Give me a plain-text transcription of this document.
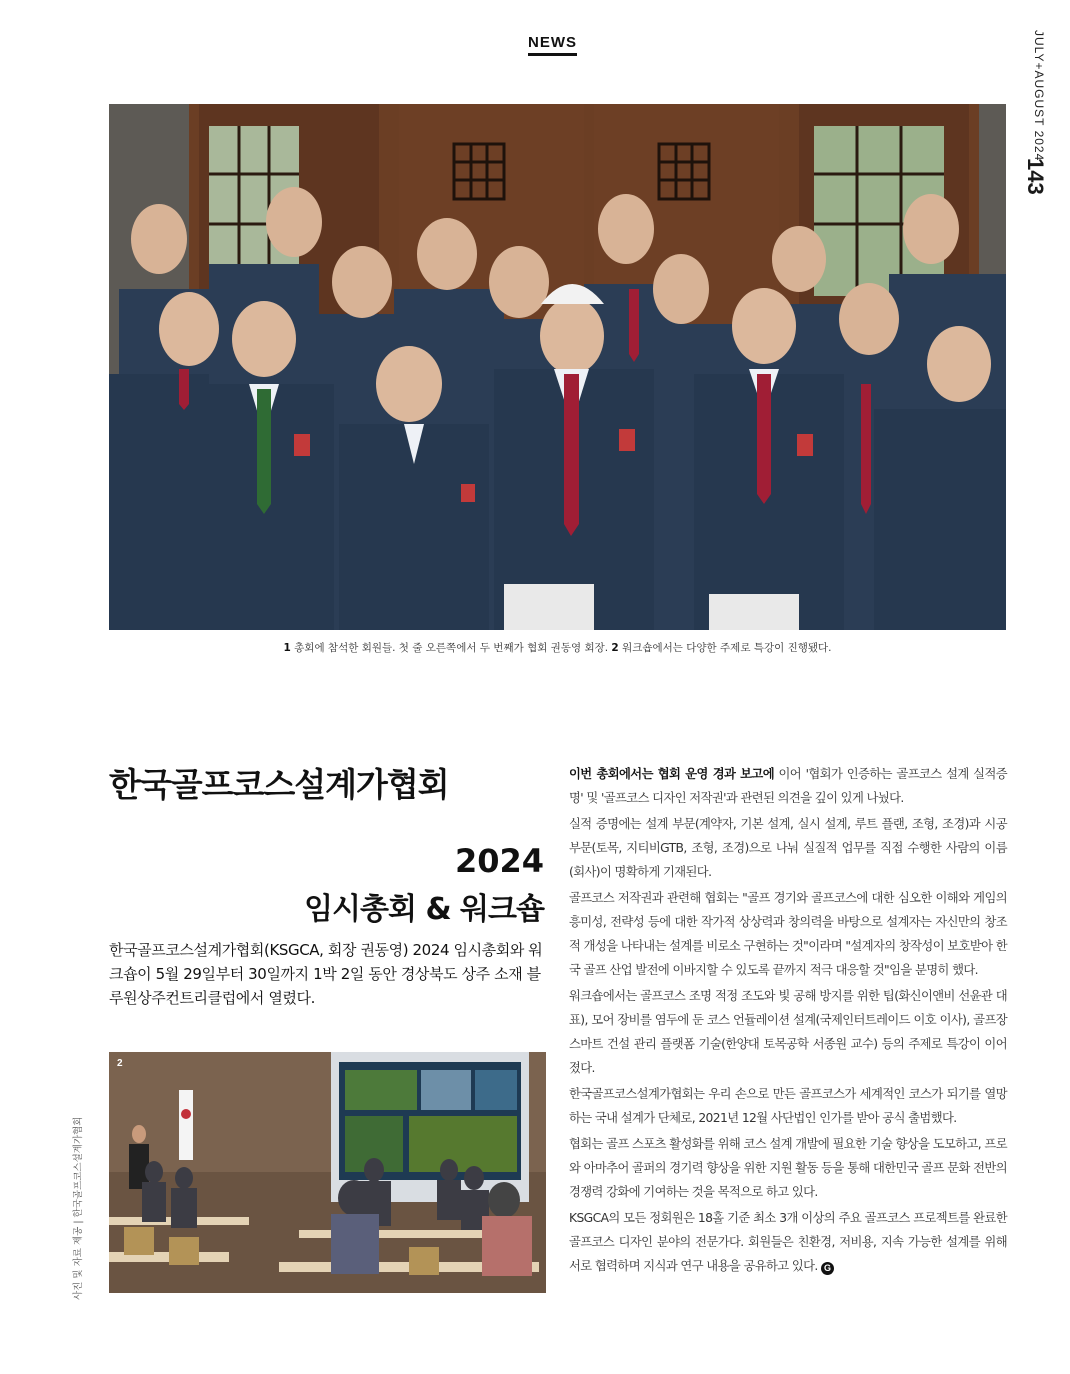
NEWS	JULY+AUGUST 2024
143
1 총회에 참석한 회원들. 첫 줄 오른쪽에서 두 번째가 협회 권동영 회장. 2 워크숍에서는 다양한 주제로 특강이 진행됐다.
한국골프코스설계가협회
2024
임시총회 & 워크숍
한국골프코스설계가협회(KSGCA, 회장 권동영) 2024 임시총회와 워크숍이 5월 29일부터 30일까지 1박 2일 동안 경상북도 상주 소재 블루원상주컨트리클럽에서 열렸다.
2
사진 및 자료 제공 | 한국골프코스설계가협회

이번 총회에서는 협회 운영 경과 보고에 이어 '협회가 인증하는 골프코스 설계 실적증명' 및 '골프코스 디자인 저작권'과 관련된 의견을 깊이 있게 나눴다.

실적 증명에는 설계 부문(계약자, 기본 설계, 실시 설계, 루트 플랜, 조형, 조경)과 시공 부문(토목, 지티비GTB, 조형, 조경)으로 나눠 실질적 업무를 직접 수행한 사람의 이름(회사)이 명확하게 기재된다.

골프코스 저작권과 관련해 협회는 "골프 경기와 골프코스에 대한 심오한 이해와 게임의 흥미성, 전략성 등에 대한 작가적 상상력과 창의력을 바탕으로 설계자는 자신만의 창조적 개성을 나타내는 설계를 비로소 구현하는 것"이라며 "설계자의 창작성이 보호받아 한국 골프 산업 발전에 이바지할 수 있도록 끝까지 적극 대응할 것"임을 분명히 했다.

워크숍에서는 골프코스 조명 적정 조도와 빛 공해 방지를 위한 팁(화신이앤비 선윤관 대표), 모어 장비를 염두에 둔 코스 언듈레이션 설계(국제인터트레이드 이호 이사), 골프장 스마트 건설 관리 플랫폼 기술(한양대 토목공학 서종원 교수) 등의 주제로 특강이 이어졌다.

한국골프코스설계가협회는 우리 손으로 만든 골프코스가 세계적인 코스가 되기를 열망하는 국내 설계가 단체로, 2021년 12월 사단법인 인가를 받아 공식 출범했다.

협회는 골프 스포츠 활성화를 위해 코스 설계 개발에 필요한 기술 향상을 도모하고, 프로와 아마추어 골퍼의 경기력 향상을 위한 지원 활동 등을 통해 대한민국 골프 문화 전반의 경쟁력 강화에 기여하는 것을 목적으로 하고 있다.

KSGCA의 모든 정회원은 18홀 기준 최소 3개 이상의 주요 골프코스 프로젝트를 완료한 골프코스 디자인 분야의 전문가다. 회원들은 친환경, 저비용, 지속 가능한 설계를 위해 서로 협력하며 지식과 연구 내용을 공유하고 있다. G
